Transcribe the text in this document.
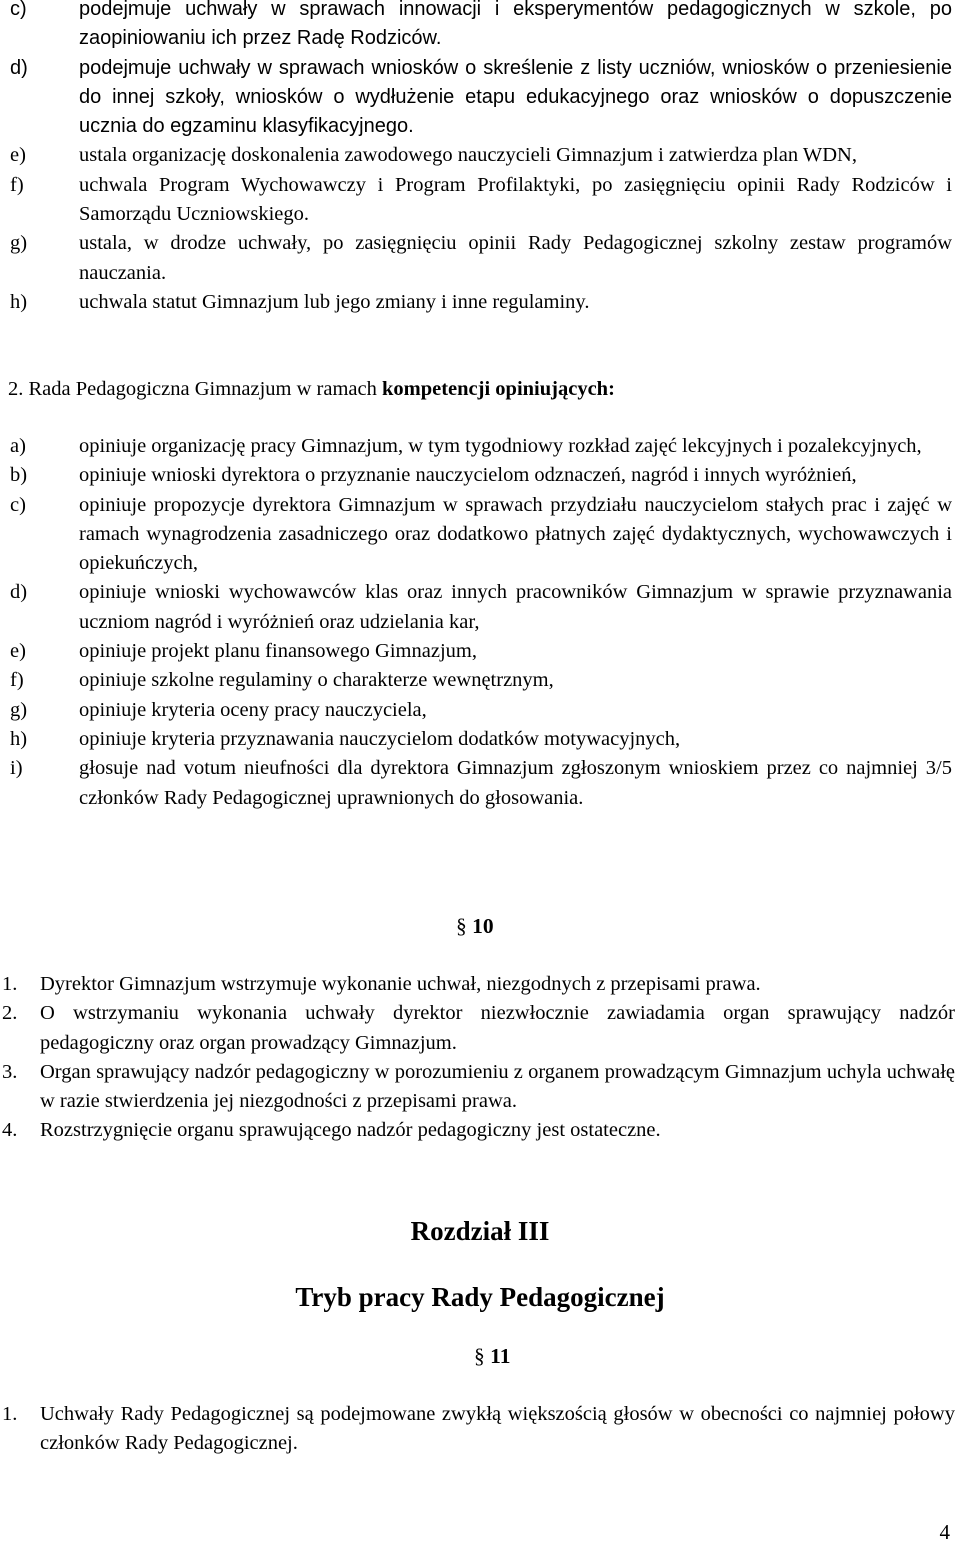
c)	podejmuje uchwały w sprawach innowacji i eksperymentów pedagogicznych w szkole, po zaopiniowaniu ich przez Radę Rodziców.

d)	podejmuje uchwały w sprawach wniosków o skreślenie z listy uczniów, wniosków o przeniesienie do innej szkoły, wniosków o wydłużenie etapu edukacyjnego oraz wniosków o dopuszczenie ucznia do egzaminu klasyfikacyjnego.

e)	ustala organizację doskonalenia zawodowego nauczycieli Gimnazjum i zatwierdza plan WDN,

f)	uchwala Program Wychowawczy i Program Profilaktyki, po zasięgnięciu opinii Rady Rodziców i Samorządu Uczniowskiego.

g)	ustala, w drodze uchwały, po zasięgnięciu opinii Rady Pedagogicznej szkolny zestaw programów nauczania.

h)	uchwala statut Gimnazjum lub jego zmiany i inne regulaminy.

2. Rada Pedagogiczna Gimnazjum w ramach kompetencji opiniujących:

a)	opiniuje organizację pracy Gimnazjum, w tym tygodniowy rozkład zajęć lekcyjnych i pozalekcyjnych,

b)	opiniuje wnioski dyrektora o przyznanie nauczycielom odznaczeń, nagród i innych wyróżnień,

c)	opiniuje propozycje dyrektora Gimnazjum w sprawach przydziału nauczycielom stałych prac i zajęć w ramach wynagrodzenia zasadniczego oraz dodatkowo płatnych zajęć dydaktycznych, wychowawczych i opiekuńczych,

d)	opiniuje wnioski wychowawców klas oraz innych pracowników Gimnazjum w sprawie przyznawania uczniom nagród i wyróżnień oraz udzielania kar,

e)	opiniuje projekt planu finansowego Gimnazjum,

f)	opiniuje szkolne regulaminy o charakterze wewnętrznym,

g)	opiniuje kryteria oceny pracy nauczyciela,

h)	opiniuje kryteria przyznawania nauczycielom dodatków motywacyjnych,

i)	głosuje nad votum nieufności dla dyrektora Gimnazjum zgłoszonym wnioskiem przez co najmniej 3/5 członków Rady Pedagogicznej uprawnionych do głosowania.

§ 10

1. Dyrektor Gimnazjum wstrzymuje wykonanie uchwał, niezgodnych z przepisami prawa.

2. O wstrzymaniu wykonania uchwały dyrektor niezwłocznie zawiadamia organ sprawujący nadzór pedagogiczny oraz organ prowadzący Gimnazjum.

3. Organ sprawujący nadzór pedagogiczny w porozumieniu z organem prowadzącym Gimnazjum uchyla uchwałę w razie stwierdzenia jej niezgodności z przepisami prawa.

4. Rozstrzygnięcie organu sprawującego nadzór pedagogiczny jest ostateczne.

Rozdział III
Tryb pracy Rady Pedagogicznej
§ 11

1. Uchwały Rady Pedagogicznej są podejmowane zwykłą większością głosów w obecności co najmniej połowy członków Rady Pedagogicznej.

4
